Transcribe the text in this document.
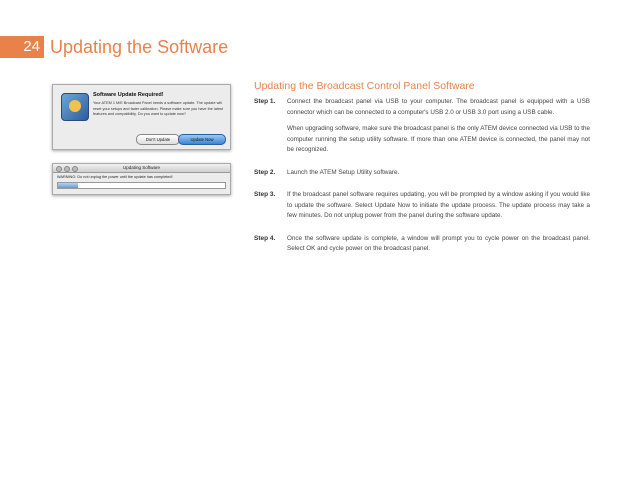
24 Updating the Software
Software Update Required!
Your ATEM 1 M/E Broadcast Panel needs a software update. The update will reset your setups and fader calibration. Please make sure you have the latest features and compatibility. Do you want to update now?
Don't Update	Update Now
Updating Software
WARNING: Do not unplug the power until the update has completed!
Updating the Broadcast Control Panel Software
Step 1.	Connect the broadcast panel via USB to your computer. The broadcast panel is equipped with a USB connector which can be connected to a computer's USB 2.0 or USB 3.0 port using a USB cable.

When upgrading software, make sure the broadcast panel is the only ATEM device connected via USB to the computer running the setup utility software. If more than one ATEM device is connected, the panel may not be recognized.

Step 2.	Launch the ATEM Setup Utility software.

Step 3.	If the broadcast panel software requires updating, you will be prompted by a window asking if you would like to update the software. Select Update Now to initiate the update process. The update process may take a few minutes. Do not unplug power from the panel during the software update.

Step 4.	Once the software update is complete, a window will prompt you to cycle power on the broadcast panel. Select OK and cycle power on the broadcast panel.
